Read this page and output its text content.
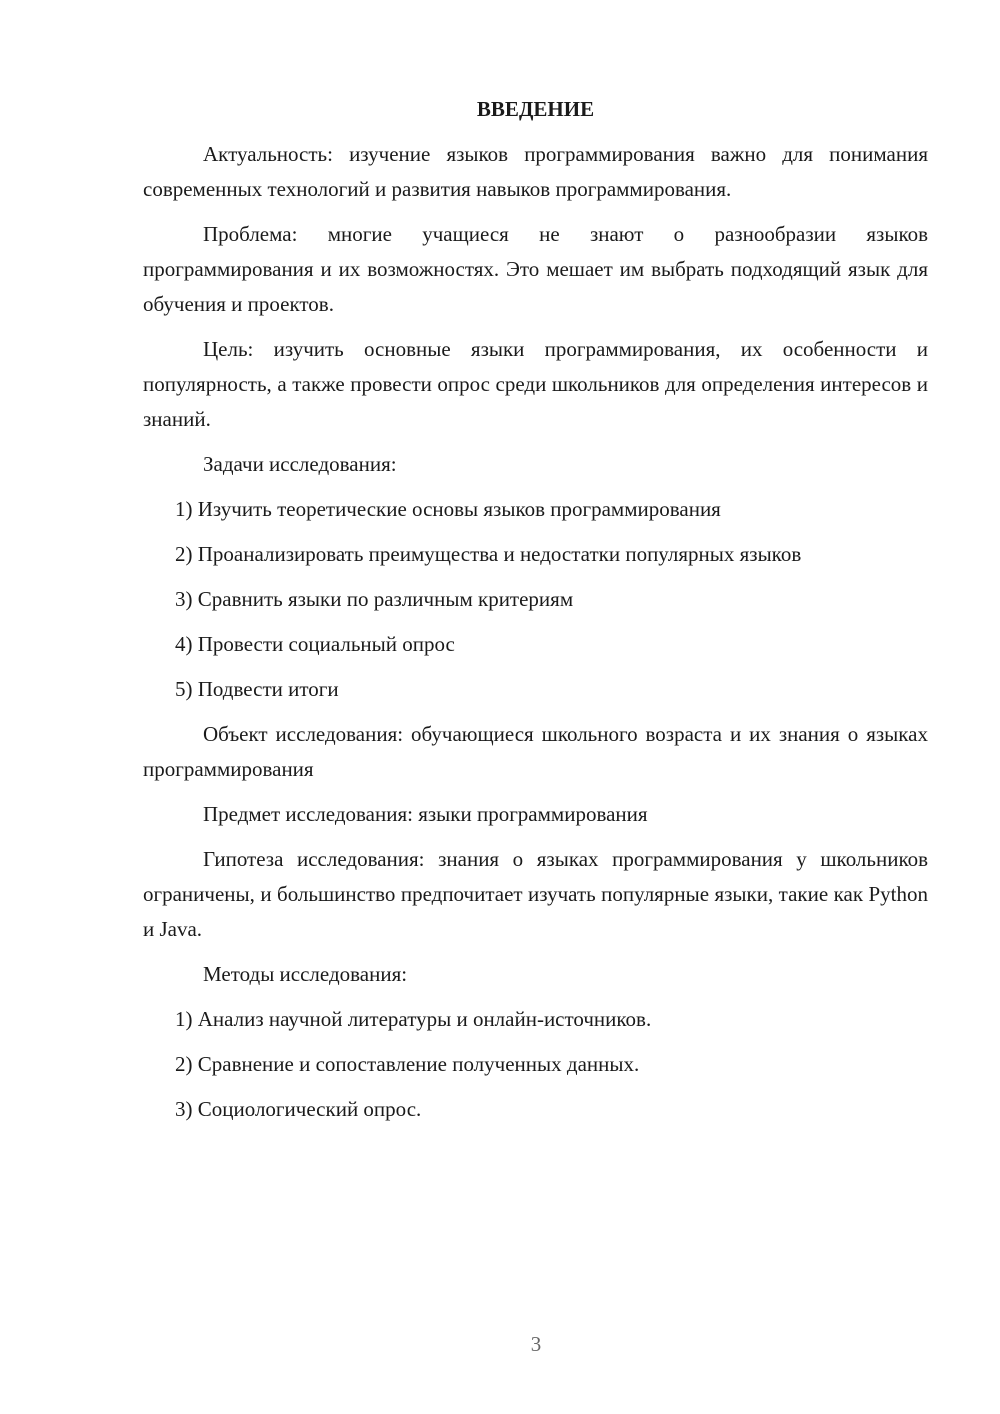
ВВЕДЕНИЕ

Актуальность: изучение языков программирования важно для понимания современных технологий и развития навыков программирования.

Проблема: многие учащиеся не знают о разнообразии языков программирования и их возможностях. Это мешает им выбрать подходящий язык для обучения и проектов.

Цель: изучить основные языки программирования, их особенности и популярность, а также провести опрос среди школьников для определения интересов и знаний.

Задачи исследования:

1) Изучить теоретические основы языков программирования

2) Проанализировать преимущества и недостатки популярных языков

3) Сравнить языки по различным критериям

4) Провести социальный опрос

5) Подвести итоги

Объект исследования: обучающиеся школьного возраста и их знания о языках программирования

Предмет исследования: языки программирования

Гипотеза исследования: знания о языках программирования у школьников ограничены, и большинство предпочитает изучать популярные языки, такие как Python и Java.

Методы исследования:

1) Анализ научной литературы и онлайн-источников.

2) Сравнение и сопоставление полученных данных.

3) Социологический опрос.

3
